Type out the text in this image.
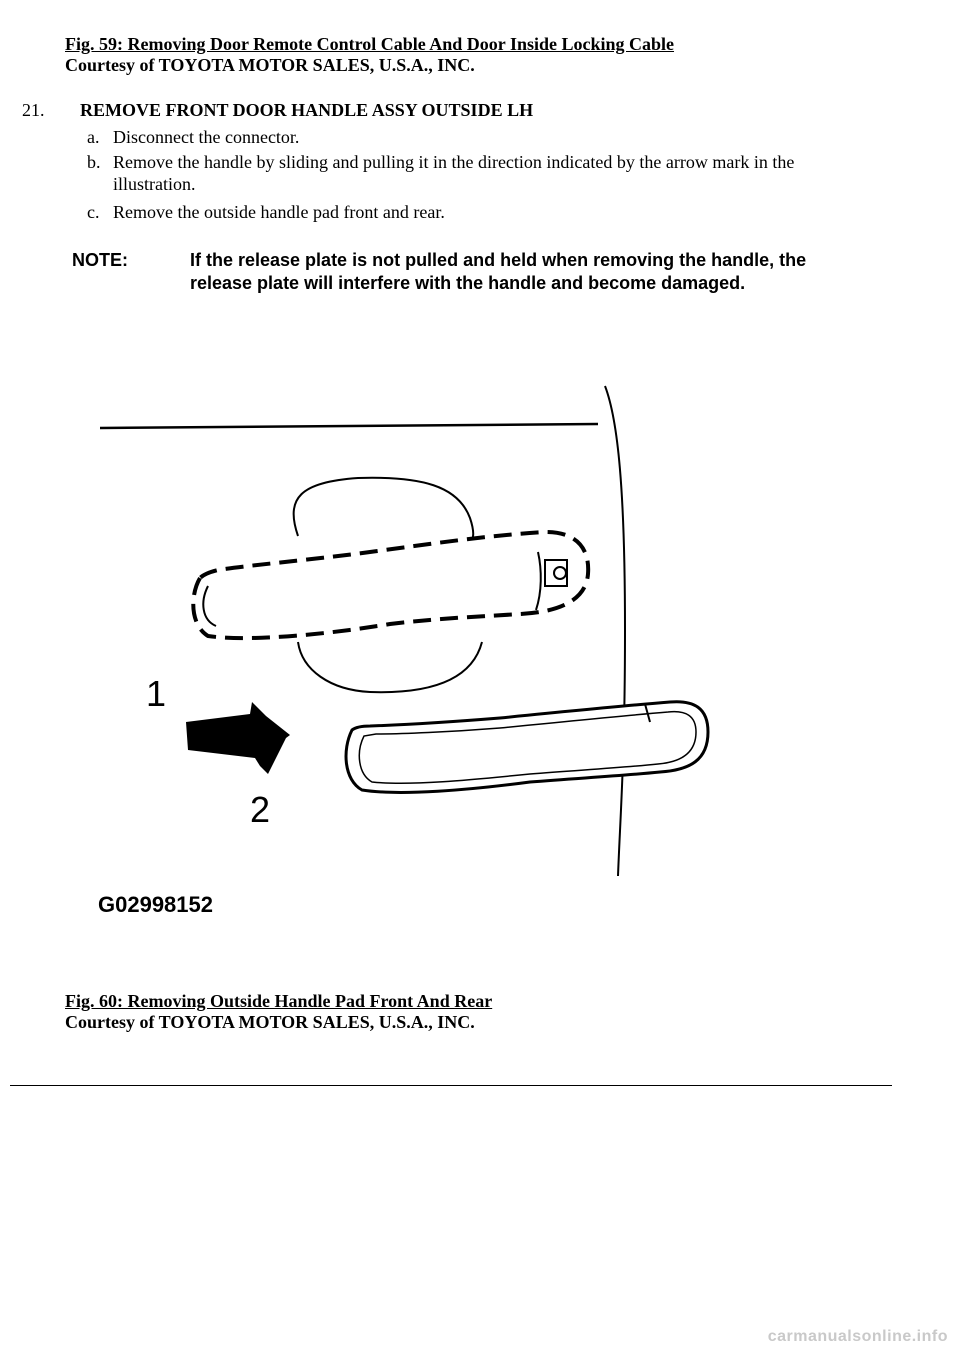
Fig. 59: Removing Door Remote Control Cable And Door Inside Locking Cable
Courtesy of TOYOTA MOTOR SALES, U.S.A., INC.
21. REMOVE FRONT DOOR HANDLE ASSY OUTSIDE LH
a. Disconnect the connector.
b. Remove the handle by sliding and pulling it in the direction indicated by the arrow mark in the illustration.
c. Remove the outside handle pad front and rear.
NOTE:	If the release plate is not pulled and held when removing the handle, the
release plate will interfere with the handle and become damaged.
1
2
G02998152
Fig. 60: Removing Outside Handle Pad Front And Rear
Courtesy of TOYOTA MOTOR SALES, U.S.A., INC.
carmanualsonline.info
